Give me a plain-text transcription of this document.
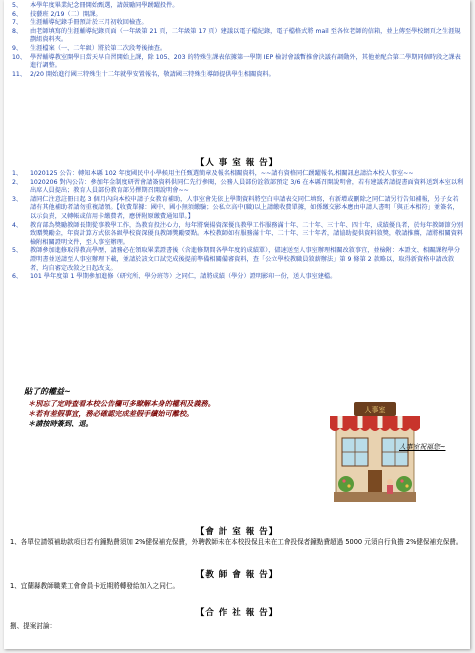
5、 本學年度畢業紀念冊開始甄選，請鼓勵同學踴躍投件。
6、 技藝班 2/19（二）開課。
7、 生涯輔導紀錄手冊預計於三月初收回檢查。
8、 由老師填寫的生涯輔導紀錄頁面（一年級第 21 頁，二年級第 17 頁）建議以電子檔紀錄，電子檔格式將 mail 至各位老師的信箱，並上傳至學校網頁之生涯規劃組資料夾。
9、 生涯檔案（一、二年級）將於第二次段考後抽查。
10、 學習輔導教室開學日當天早自習開始上課，除 105、203 的特殊生課表依據第一學期 IEP 檢討會議暫推會決議有調動外，其他並配合第二學期同個時段之課表進行調整。
11、 2/20 開始進行國三特殊生十二年就學安置報名，敬請國三特殊生導師提供學生相關資料。
【人 事 室 報 告】
1、 1020125 公告：轉知本縣 102 年度國民中小學候用主任甄選簡章及報名相關資料，~~請有資格同仁踴躍報名,相關訊息請洽本校人事室~~
2、 1020206 對內公告：參加年金制度研習會請簽資料供同仁先行參閱，公務人員部份詮敘部預定 3/6 在本縣召開說明會，若有建議者請提書面資料送到本室以利出席人員提出；教育人員部份教育部另擇期召開說明會~~
3、 請同仁注意註冊日起 3 個月內向本校申請子女教育補助，人事室會先依上學期資料將空白申請表交同仁填寫，有新增或刪除之同仁請另行告知補報，另子女若請有其他補助者請勿重複請領。【收費單據：國中、國小無須繳驗；公私立高中(職)以上請繳收費單據，如係繳交影本應由申請人書明「與正本相符」並簽名，以示負責，又轉帳或信用卡繳費者，應併附原繳費通知單。】
4、 教育部為獎勵教師長期從事教學工作，為教育投注心力，每年將褒揚資深優良教學工作服務滿十年、二十年、三十年、四十年，成績優良者，於每年教師節分別致贈獎勵金，年資計算方式依各級學校資深優良教師獎勵要點。本校教師如有服務滿十年、二十年、三十年者，請協助提供資料敘獎，敬請推薦，請將相關資料檢附相關證明文件，至人事室辦理。
5、 教師參加進修取得教高學歷，請務必在領取畢業證書後（含進修期間各學年度的成績單），儘速送至人事室辦理相關改敘事宜，並檢附：本證文、相關課程學分證明書並送請至人事室辦理下載，並請於該文口試完成後提前準備相關備審資料，查「公立學校教職員敘薪辦法」第 9 條第 2 款略以，取得新資格申請改敘者，均自審定改敘之日起改支。
6、 101 學年度第 1 學期參加進修（研究所、學分班等）之同仁，請將成績（學分）證明影印一份，送人事室建檔。
貼了的權益~
＊別忘了定時查看本校公告欄可多瞭解本身的權利及義務。
＊若有差假事宜，務必確認完成差假手續始可離校。
＊請按時簽到、退。
人事室
人事室祝福您~
【會 計 室 報 告】
1、各單位請領補助款項目若有鐘點費須加 2%健保補充保費，外聘教師未在本校投保且未在工會投保者鐘點費超過 5000 元須自行負擔 2%健保補充保費。
【教 師 會 報 告】
1、宜蘭縣教師職業工會會員卡近期將轉發給加入之同仁。
【合 作 社 報 告】
捌、提案討論：
